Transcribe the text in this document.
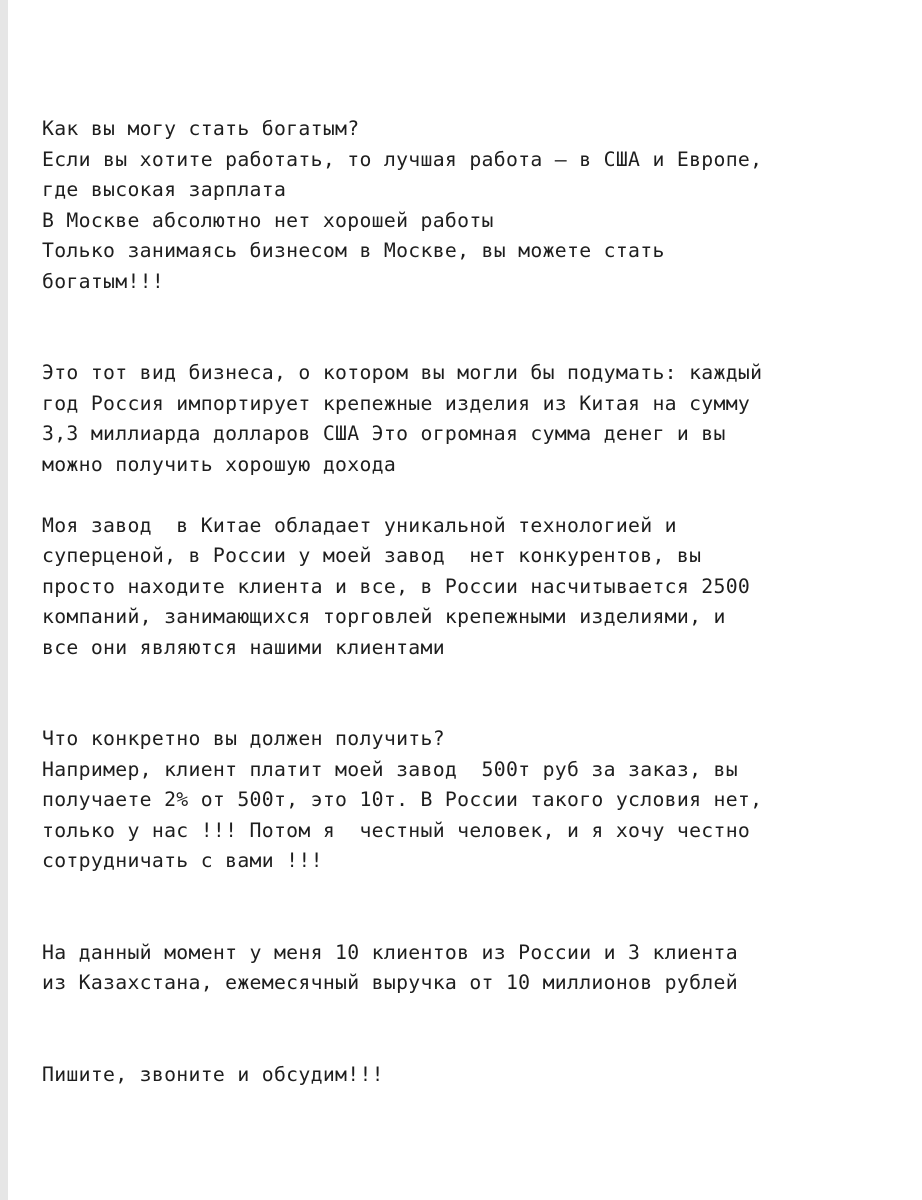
Как вы могу стать богатым?
Если вы хотите работать, то лучшая работа – в США и Европе,
где высокая зарплата
В Москве абсолютно нет хорошей работы
Только занимаясь бизнесом в Москве, вы можете стать
богатым!!!
Это тот вид бизнеса, о котором вы могли бы подумать: каждый
год Россия импортирует крепежные изделия из Китая на сумму
3,3 миллиарда долларов США Это огромная сумма денег и вы
можно получить хорошую дохода
Моя завод  в Китае обладает уникальной технологией и
суперценой, в России у моей завод  нет конкурентов, вы
просто находите клиента и все, в России насчитывается 2500
компаний, занимающихся торговлей крепежными изделиями, и
все они являются нашими клиентами
Что конкретно вы должен получить?
Например, клиент платит моей завод  500т руб за заказ, вы
получаете 2% от 500т, это 10т. В России такого условия нет,
только у нас !!! Потом я  честный человек, и я хочу честно
сотрудничать с вами !!!
На данный момент у меня 10 клиентов из России и 3 клиента
из Казахстана, ежемесячный выручка от 10 миллионов рублей
Пишите, звоните и обсудим!!!
